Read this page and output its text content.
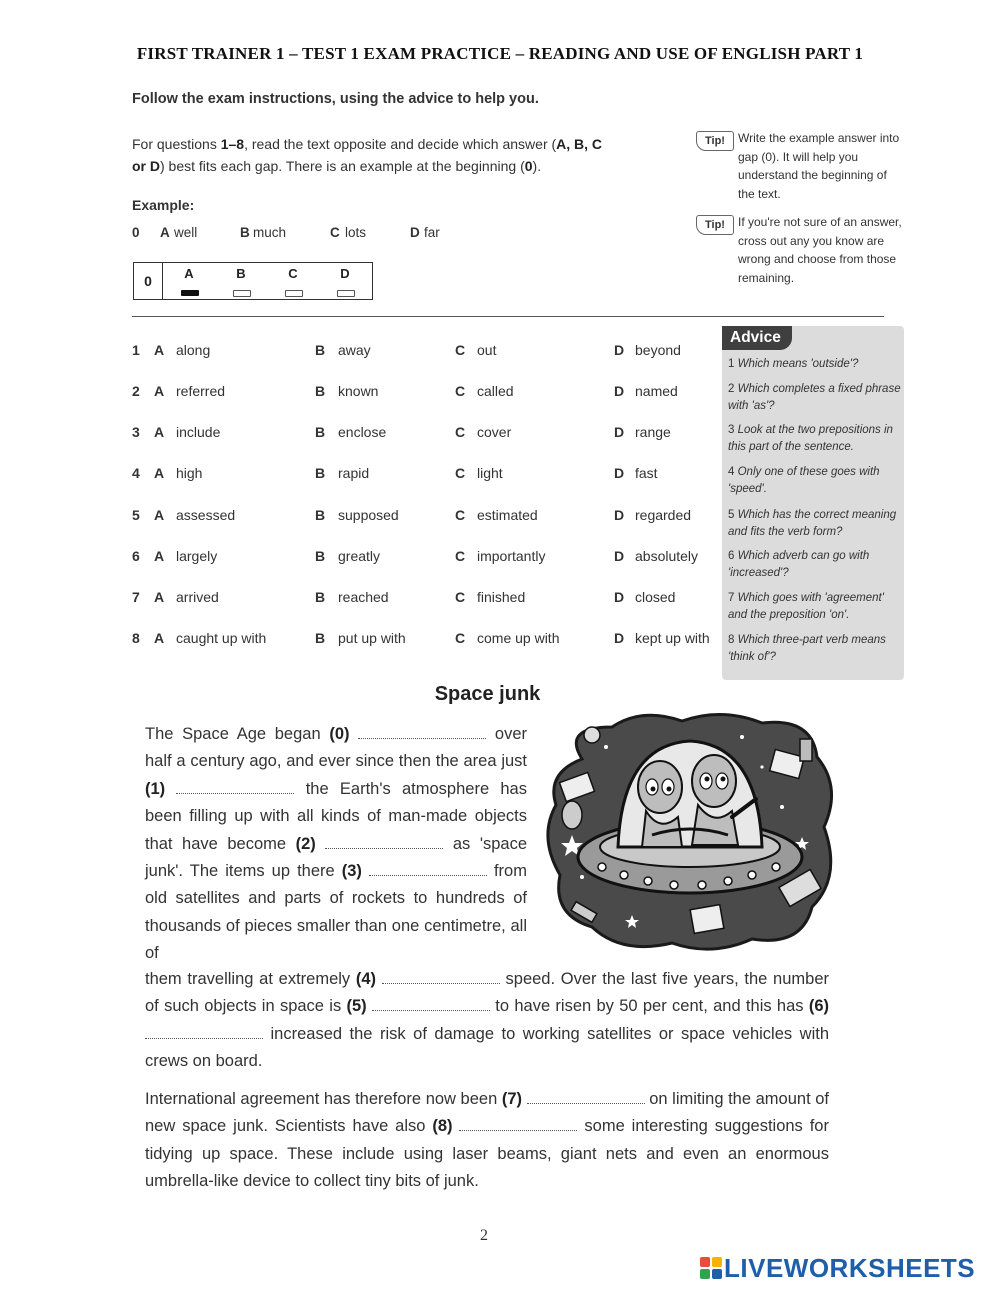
FIRST TRAINER 1 – TEST 1 EXAM PRACTICE – READING AND USE OF ENGLISH PART 1
Follow the exam instructions, using the advice to help you.
For questions 1–8, read the text opposite and decide which answer (A, B, C
or D) best fits each gap. There is an example at the beginning (0).
Tip!	Write the example answer into gap (0). It will help you understand the beginning of the text.
Tip!	If you're not sure of an answer, cross out any you know are wrong and choose from those remaining.
Example:
0 A well	B much	C lots	D far
0	A	B	C	D
1 A along	B away	C out	D beyond
2 A referred	B known	C called	D named
3 A include	B enclose	C cover	D range
4 A high	B rapid	C light	D fast
5 A assessed	B supposed	C estimated	D regarded
6 A largely	B greatly	C importantly	D absolutely
7 A arrived	B reached	C finished	D closed
8 A caught up with	B put up with	C come up with	D kept up with
Advice
1 Which means 'outside'?
2 Which completes a fixed phrase with 'as'?
3 Look at the two prepositions in this part of the sentence.
4 Only one of these goes with 'speed'.
5 Which has the correct meaning and fits the verb form?
6 Which adverb can go with 'increased'?
7 Which goes with 'agreement' and the preposition 'on'.
8 Which three-part verb means 'think of'?
Space junk
The Space Age began (0)	over half a century ago, and ever since then the area just (1)	the Earth's atmosphere has been filling up with all kinds of man-made objects that have become (2)	as 'space junk'. The items up there (3)	from old satellites and parts of rockets to hundreds of thousands of pieces smaller than one centimetre, all of
them travelling at extremely (4)	speed. Over the last five years, the number of such objects in space is (5)	to have risen by 50 per cent, and this has (6)  increased the risk of damage to working satellites or space vehicles with crews on board.
International agreement has therefore now been (7)	on limiting the amount of new space junk. Scientists have also (8)	some interesting suggestions for tidying up space. These include using laser beams, giant nets and even an enormous umbrella-like device to collect tiny bits of junk.
2
LIVEWORKSHEETS
